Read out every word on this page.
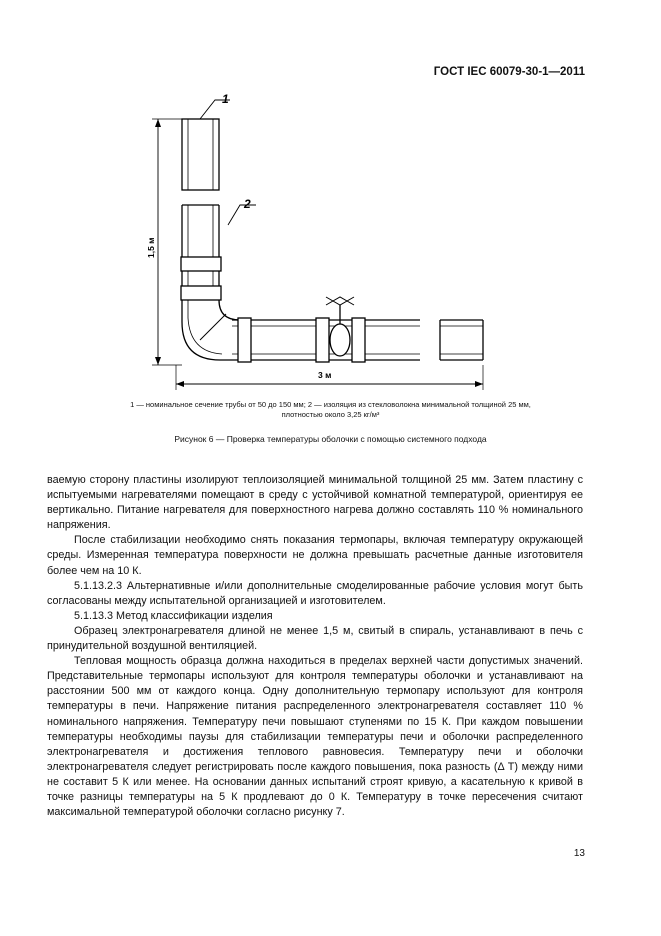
ГОСТ IEC 60079-30-1—2011
1
2
1,5 м
3 м
1 — номинальное сечение трубы от 50 до 150 мм; 2 — изоляция из стекловолокна минимальной толщиной 25 мм,
плотностью около 3,25 кг/м³
Рисунок 6 — Проверка температуры оболочки с помощью системного подхода

ваемую сторону пластины изолируют теплоизоляцией минимальной толщиной 25 мм. Затем пластину с испытуемыми нагревателями помещают в среду с устойчивой комнатной температурой, ориентируя ее вертикально. Питание нагревателя для поверхностного нагрева должно составлять 110 % номинального напряжения.

После стабилизации необходимо снять показания термопары, включая температуру окружающей среды. Измеренная температура поверхности не должна превышать расчетные данные изготовителя более чем на 10 К.

5.1.13.2.3 Альтернативные и/или дополнительные смоделированные рабочие условия могут быть согласованы между испытательной организацией и изготовителем.

5.1.13.3 Метод классификации изделия

Образец электронагревателя длиной не менее 1,5 м, свитый в спираль, устанавливают в печь с принудительной воздушной вентиляцией.

Тепловая мощность образца должна находиться в пределах верхней части допустимых значений. Представительные термопары используют для контроля температуры оболочки и устанавливают на расстоянии 500 мм от каждого конца. Одну дополнительную термопару используют для контроля температуры в печи. Напряжение питания распределенного электронагревателя составляет 110 % номинального напряжения. Температуру печи повышают ступенями по 15 К. При каждом повышении температуры необходимы паузы для стабилизации температуры печи и оболочки распределенного электронагревателя и достижения теплового равновесия. Температуру печи и оболочки электронагревателя следует регистрировать после каждого повышения, пока разность (Δ T) между ними не составит 5 К или менее. На основании данных испытаний строят кривую, а касательную к кривой в точке разницы температуры на 5 К продлевают до 0 К. Температуру в точке пересечения считают максимальной температурой оболочки согласно рисунку 7.

13
